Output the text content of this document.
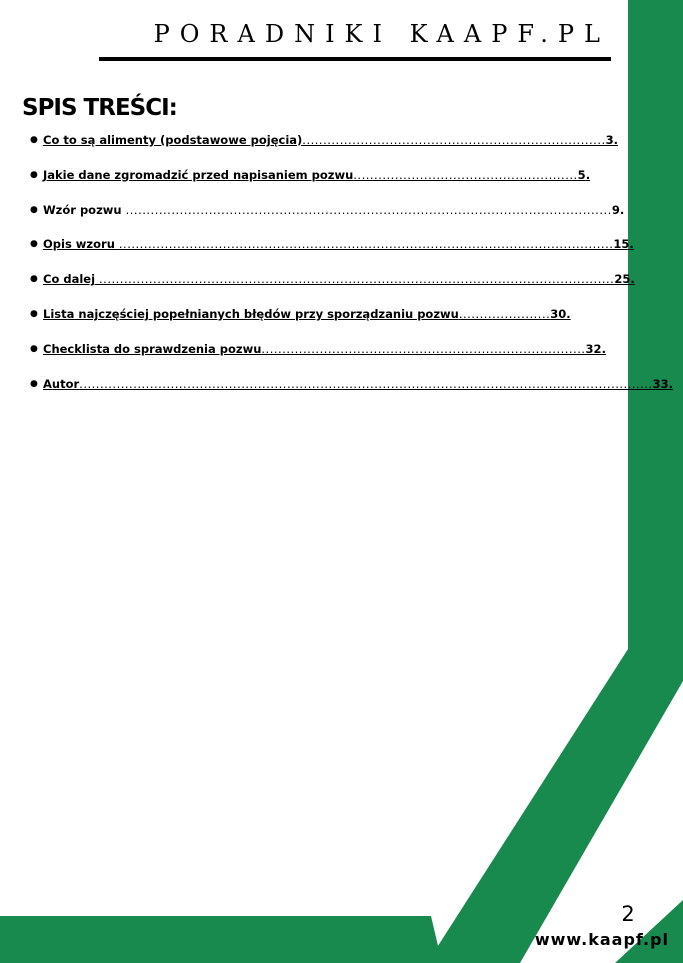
PORADNIKI KAAPF.PL
SPIS TREŚCI:
● Co to są alimenty (podstawowe pojęcia).........................................................................3.
● Jakie dane zgromadzić przed napisaniem pozwu......................................................5.
● Wzór pozwu .....................................................................................................................9.
● Opis wzoru .......................................................................................................................15.
● Co dalej ............................................................................................................................25.
● Lista najczęściej popełnianych błędów przy sporządzaniu pozwu......................30.
● Checklista do sprawdzenia pozwu..............................................................................32.
● Autor..........................................................................................................................................33.
2
www.kaapf.pl
